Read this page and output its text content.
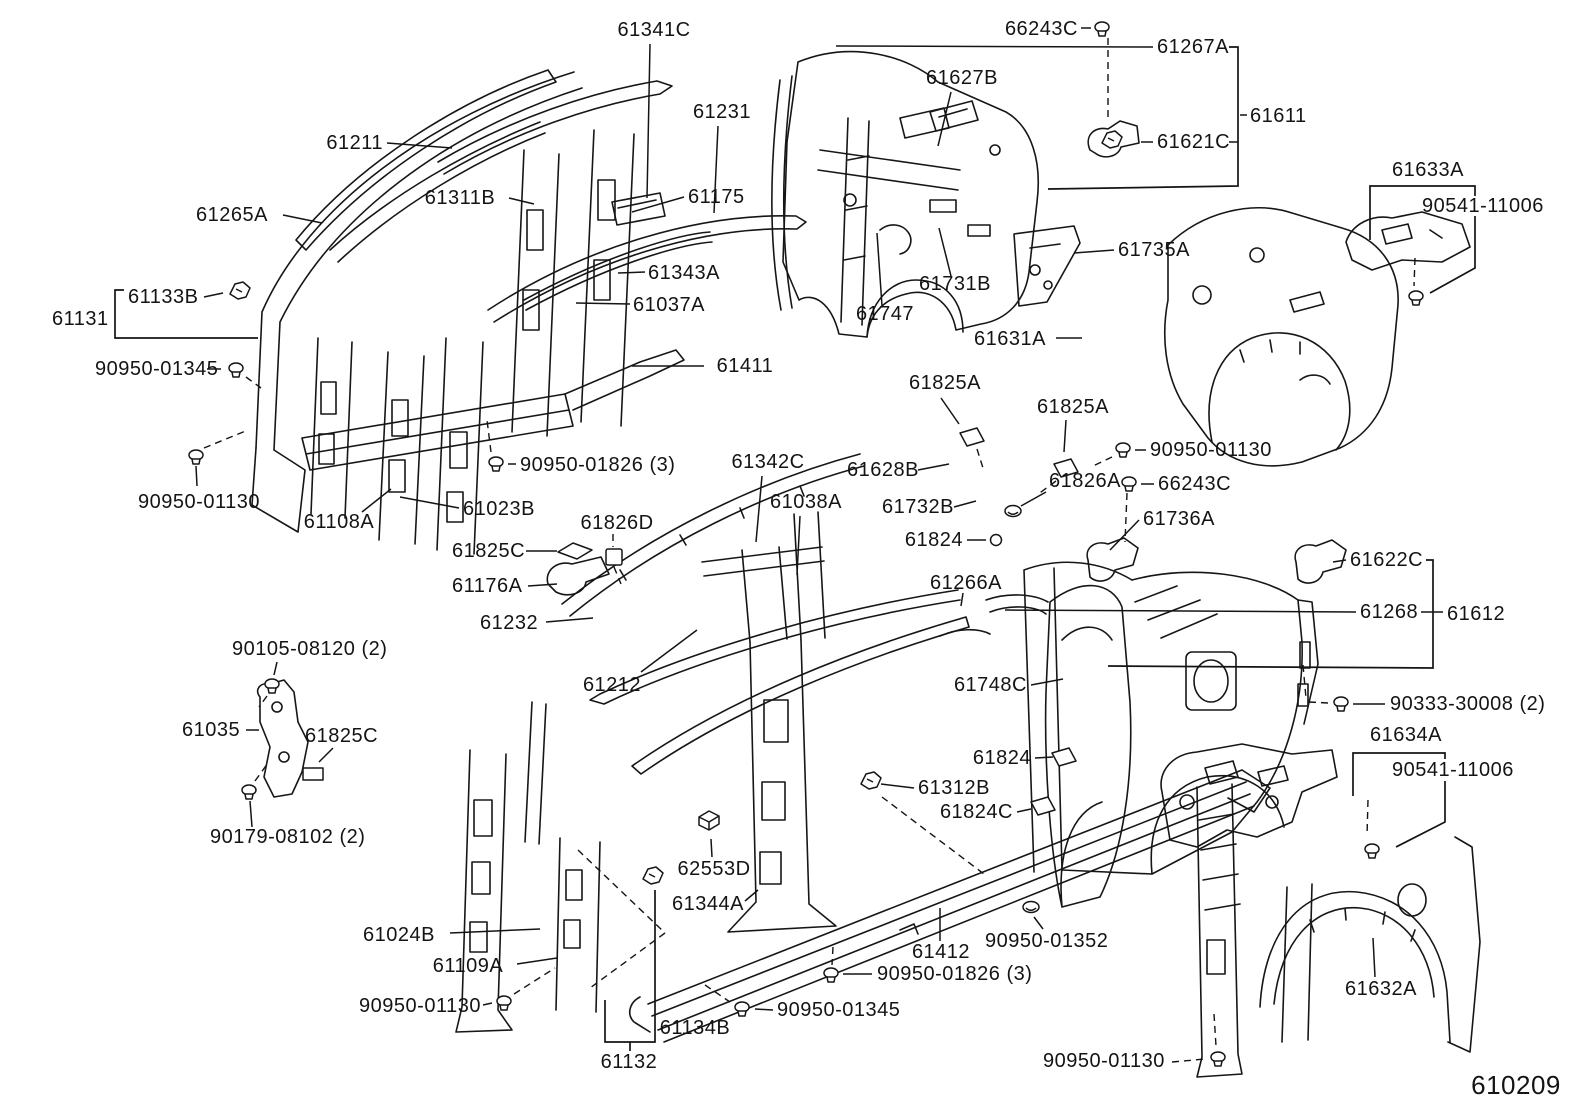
61341C	66243C
61267A
61627B
61231	61611
61211	61621C
61633A
90541-11006
61311B	61175
61265A
61735A
61343A	61731B
61133B	61037A	61747
61131
61631A
90950-01345	61411
61825A
61825A
90950-01130
90950-01826 (3)	61628B
61342C
66243C
61826A
90950-01130	61038A
61023B	61732B
61736A
61108A	61826D
61824
61825C	61622C
61176A	61266A
61268 61612
61232
90105-08120 (2)
61212	61748C
90333-30008 (2)
61035	61825C	61634A
90541-11006
61824
61312B
61824C
90179-08102 (2)
62553D
61344A
61024B	90950-01352
61412
61109A	90950-01826 (3)
61632A
90950-01130	90950-01345
61134B
61132	90950-01130
610209
